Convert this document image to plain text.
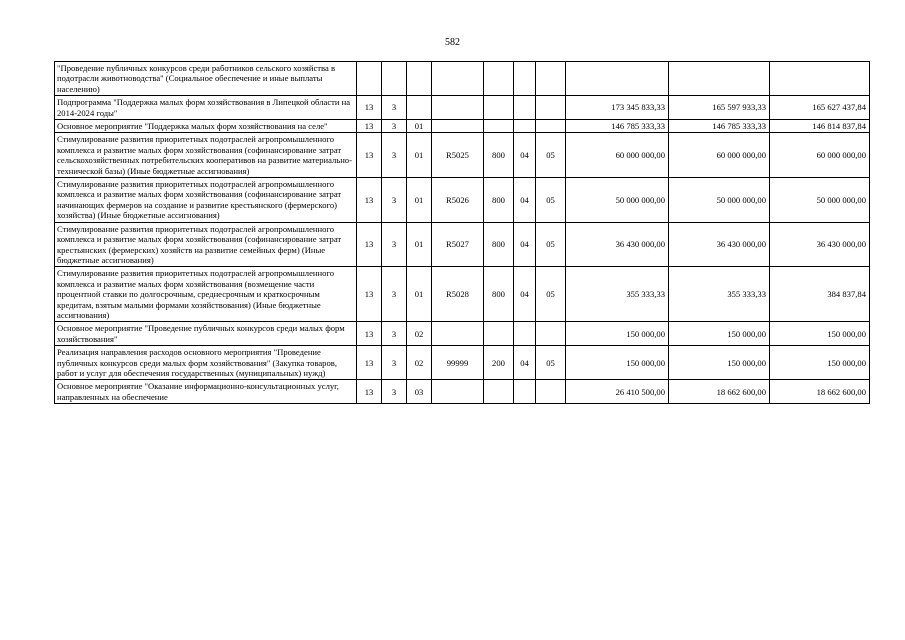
582
"Проведение публичных конкурсов среди работников сельского хозяйства в подотрасли животноводства" (Социальное обеспечение и иные выплаты населению)										

Подпрограмма "Поддержка малых форм хозяйствования в Липецкой области на 2014-2024 годы"	13	3						173 345 833,33	165 597 933,33	165 627 437,84

Основное мероприятие "Поддержка малых форм хозяйствования на селе"	13	3	01					146 785 333,33	146 785 333,33	146 814 837,84

Стимулирование развития приоритетных подотраслей агропромышленного комплекса и развитие малых форм хозяйствования (софинансирование затрат сельскохозяйственных потребительских кооперативов на развитие материально-технической базы) (Иные бюджетные ассигнования)	13	3	01	R5025	800	04	05	60 000 000,00	60 000 000,00	60 000 000,00

Стимулирование развития приоритетных подотраслей агропромышленного комплекса и развитие малых форм хозяйствования (софинансирование затрат начинающих фермеров на создание и развитие крестьянского (фермерского) хозяйства) (Иные бюджетные ассигнования)	13	3	01	R5026	800	04	05	50 000 000,00	50 000 000,00	50 000 000,00

Стимулирование развития приоритетных подотраслей агропромышленного комплекса и развитие малых форм хозяйствования (софинансирование затрат крестьянских (фермерских) хозяйств на развитие семейных ферм) (Иные бюджетные ассигнования)	13	3	01	R5027	800	04	05	36 430 000,00	36 430 000,00	36 430 000,00

Стимулирование развития приоритетных подотраслей агропромышленного комплекса и развитие малых форм хозяйствования (возмещение части процентной ставки по долгосрочным, среднесрочным и краткосрочным кредитам, взятым малыми формами хозяйствования) (Иные бюджетные ассигнования)	13	3	01	R5028	800	04	05	355 333,33	355 333,33	384 837,84

Основное мероприятие "Проведение публичных конкурсов среди малых форм хозяйствования"	13	3	02					150 000,00	150 000,00	150 000,00

Реализация направления расходов основного мероприятия "Проведение публичных конкурсов среди малых форм хозяйствования" (Закупка товаров, работ и услуг для обеспечения государственных (муниципальных) нужд)	13	3	02	99999	200	04	05	150 000,00	150 000,00	150 000,00

Основное мероприятие "Оказание информационно-консультационных услуг, направленных на обеспечение	13	3	03					26 410 500,00	18 662 600,00	18 662 600,00
